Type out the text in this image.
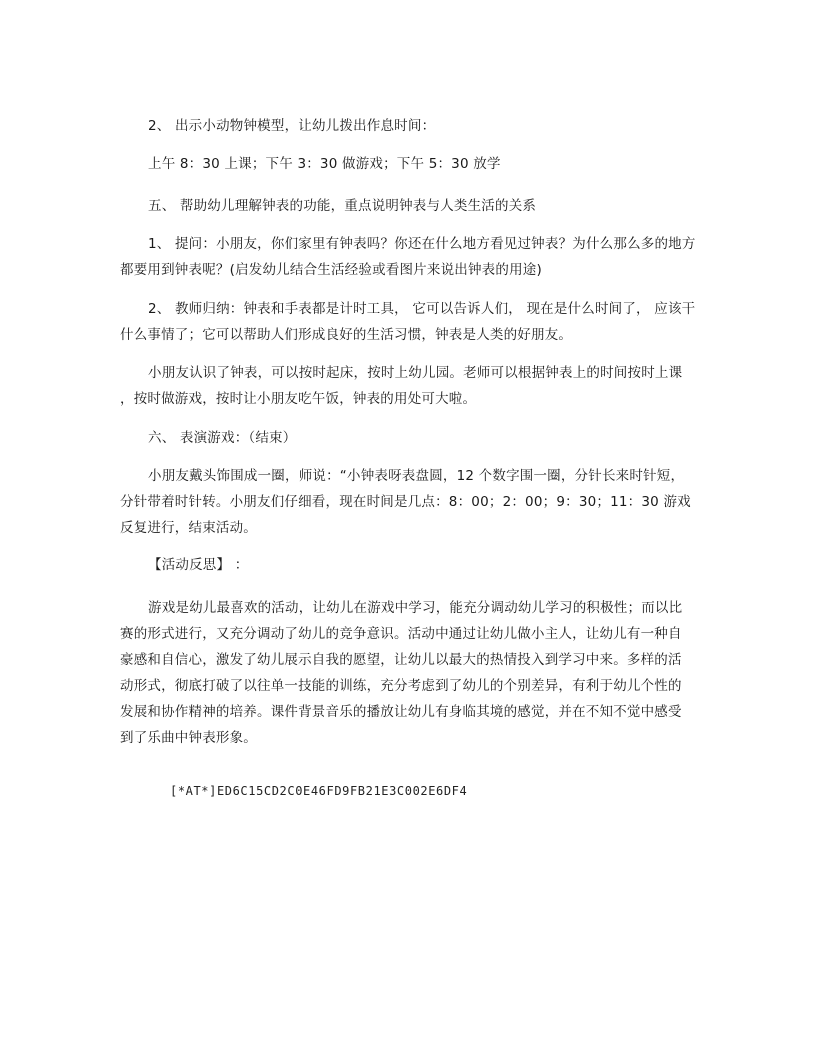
2、 出示小动物钟模型，让幼儿拨出作息时间：

上午 8：30 上课；下午 3：30 做游戏；下午 5：30 放学

五、 帮助幼儿理解钟表的功能，重点说明钟表与人类生活的关系

1、 提问：小朋友，你们家里有钟表吗？你还在什么地方看见过钟表？为什么那么多的地方
都要用到钟表呢？(启发幼儿结合生活经验或看图片来说出钟表的用途)

2、 教师归纳：钟表和手表都是计时工具， 它可以告诉人们， 现在是什么时间了， 应该干
什么事情了；它可以帮助人们形成良好的生活习惯，钟表是人类的好朋友。

小朋友认识了钟表，可以按时起床，按时上幼儿园。老师可以根据钟表上的时间按时上课
，按时做游戏，按时让小朋友吃午饭，钟表的用处可大啦。

六、 表演游戏：（结束）

小朋友戴头饰围成一圈，师说：“小钟表呀表盘圆，12 个数字围一圈，分针长来时针短，
分针带着时针转。小朋友们仔细看，现在时间是几点：8：00；2：00；9：30；11：30 游戏
反复进行，结束活动。

【活动反思】 ：

游戏是幼儿最喜欢的活动，让幼儿在游戏中学习，能充分调动幼儿学习的积极性；而以比
赛的形式进行，又充分调动了幼儿的竞争意识。活动中通过让幼儿做小主人，让幼儿有一种自
豪感和自信心，激发了幼儿展示自我的愿望，让幼儿以最大的热情投入到学习中来。多样的活
动形式，彻底打破了以往单一技能的训练，充分考虑到了幼儿的个别差异，有利于幼儿个性的
发展和协作精神的培养。课件背景音乐的播放让幼儿有身临其境的感觉，并在不知不觉中感受
到了乐曲中钟表形象。

[*AT*]ED6C15CD2C0E46FD9FB21E3C002E6DF4
